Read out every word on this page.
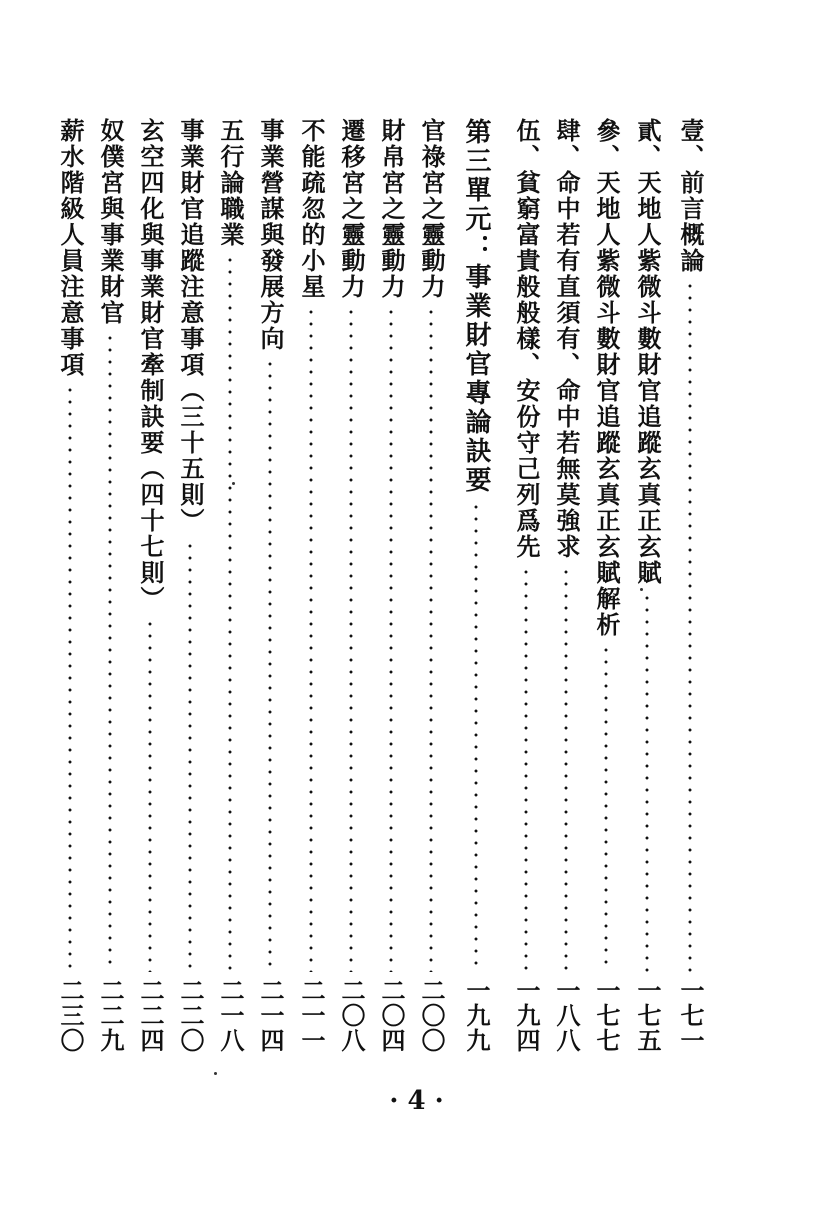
壹、前言概論
一七一
貳、天地人紫微斗數財官追蹤玄真正玄賦
一七五
參、天地人紫微斗數財官追蹤玄真正玄賦解析
一七七
肆、命中若有直須有、命中若無莫強求
一八八
伍、貧窮富貴般般樣、安份守己列爲先
一九四
第三單元：事業財官專論訣要
一九九
官祿宮之靈動力
二〇〇
財帛宮之靈動力
二〇四
遷移宮之靈動力
二〇八
不能疏忽的小星
二一一
事業營謀與發展方向
二一四
五行論職業
二一八
事業財官追蹤注意事項（三十五則）
二二〇
玄空四化與事業財官牽制訣要（四十七則）
二二四
奴僕宮與事業財官
二二九
薪水階級人員注意事項
二三〇
· 4 ·
